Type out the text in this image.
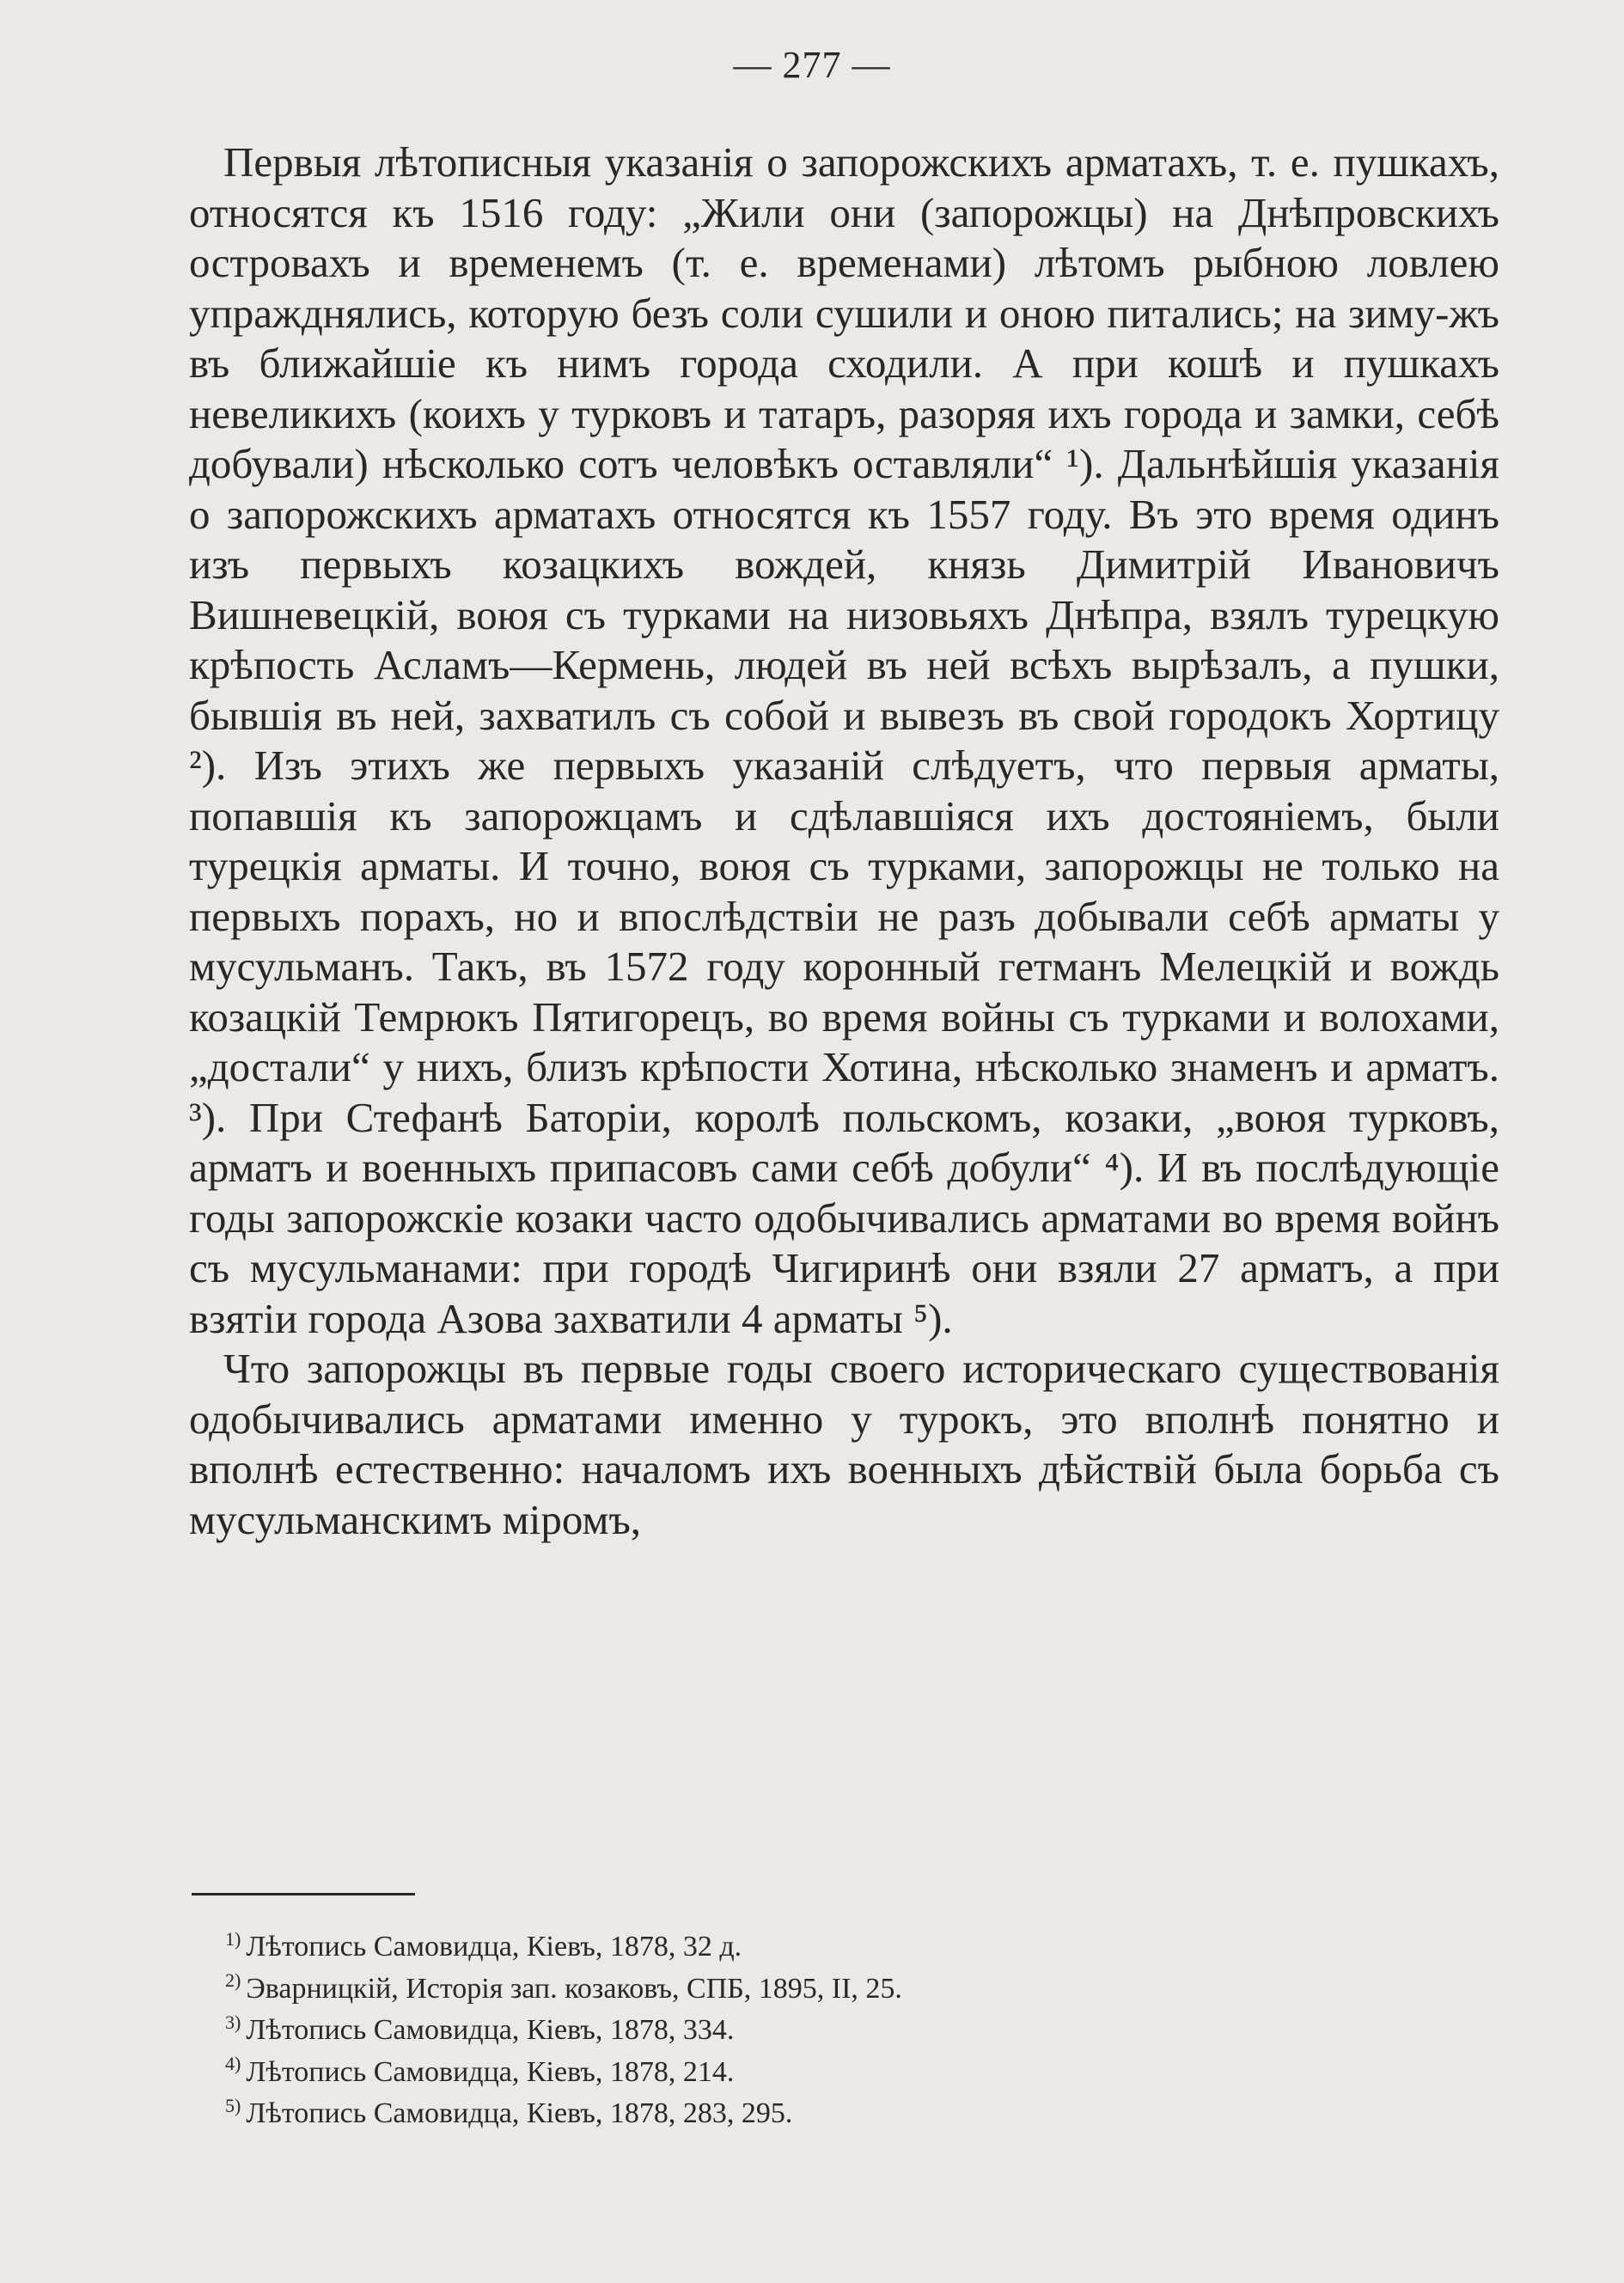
— 277 —

Первыя лѣтописныя указанія о запорожскихъ арматахъ, т. е. пушкахъ, относятся къ 1516 году: „Жили они (запорожцы) на Днѣпровскихъ островахъ и временемъ (т. е. временами) лѣтомъ рыбною ловлею упражднялись, которую безъ соли сушили и оною питались; на зиму-жъ въ ближайшіе къ нимъ города сходили. А при кошѣ и пушкахъ невеликихъ (коихъ у турковъ и татаръ, разоряя ихъ города и замки, себѣ добували) нѣсколько сотъ человѣкъ оставляли“ ¹). Дальнѣйшія указанія о запорожскихъ арматахъ относятся къ 1557 году. Въ это время одинъ изъ первыхъ козацкихъ вождей, князь Димитрій Ивановичъ Вишневецкій, воюя съ турками на низовьяхъ Днѣпра, взялъ турецкую крѣпость Асламъ—Кермень, людей въ ней всѣхъ вырѣзалъ, а пушки, бывшія въ ней, захватилъ съ собой и вывезъ въ свой городокъ Хортицу ²). Изъ этихъ же первыхъ указаній слѣдуетъ, что первыя арматы, попавшія къ запорожцамъ и сдѣлавшіяся ихъ достояніемъ, были турецкія арматы. И точно, воюя съ турками, запорожцы не только на первыхъ порахъ, но и впослѣдствіи не разъ добывали себѣ арматы у мусульманъ. Такъ, въ 1572 году коронный гетманъ Мелецкій и вождь козацкій Темрюкъ Пятигорецъ, во время войны съ турками и волохами, „достали“ у нихъ, близъ крѣпости Хотина, нѣсколько знаменъ и арматъ. ³). При Стефанѣ Баторіи, королѣ польскомъ, козаки, „воюя турковъ, арматъ и военныхъ припасовъ сами себѣ добули“ ⁴). И въ послѣдующіе годы запорожскіе козаки часто одобычивались арматами во время войнъ съ мусульманами: при городѣ Чигиринѣ они взяли 27 арматъ, а при взятіи города Азова захватили 4 арматы ⁵).

Что запорожцы въ первые годы своего историческаго существованія одобычивались арматами именно у турокъ, это вполнѣ понятно и вполнѣ естественно: началомъ ихъ военныхъ дѣйствій была борьба съ мусульманскимъ міромъ,

$^{1)}$ Лѣтопись Самовидца, Кіевъ, 1878, 32 д.
$^{2)}$ Эварницкій, Исторія зап. козаковъ, СПБ, 1895, II, 25.
$^{3)}$ Лѣтопись Самовидца, Кіевъ, 1878, 334.
$^{4)}$ Лѣтопись Самовидца, Кіевъ, 1878, 214.
$^{5)}$ Лѣтопись Самовидца, Кіевъ, 1878, 283, 295.
